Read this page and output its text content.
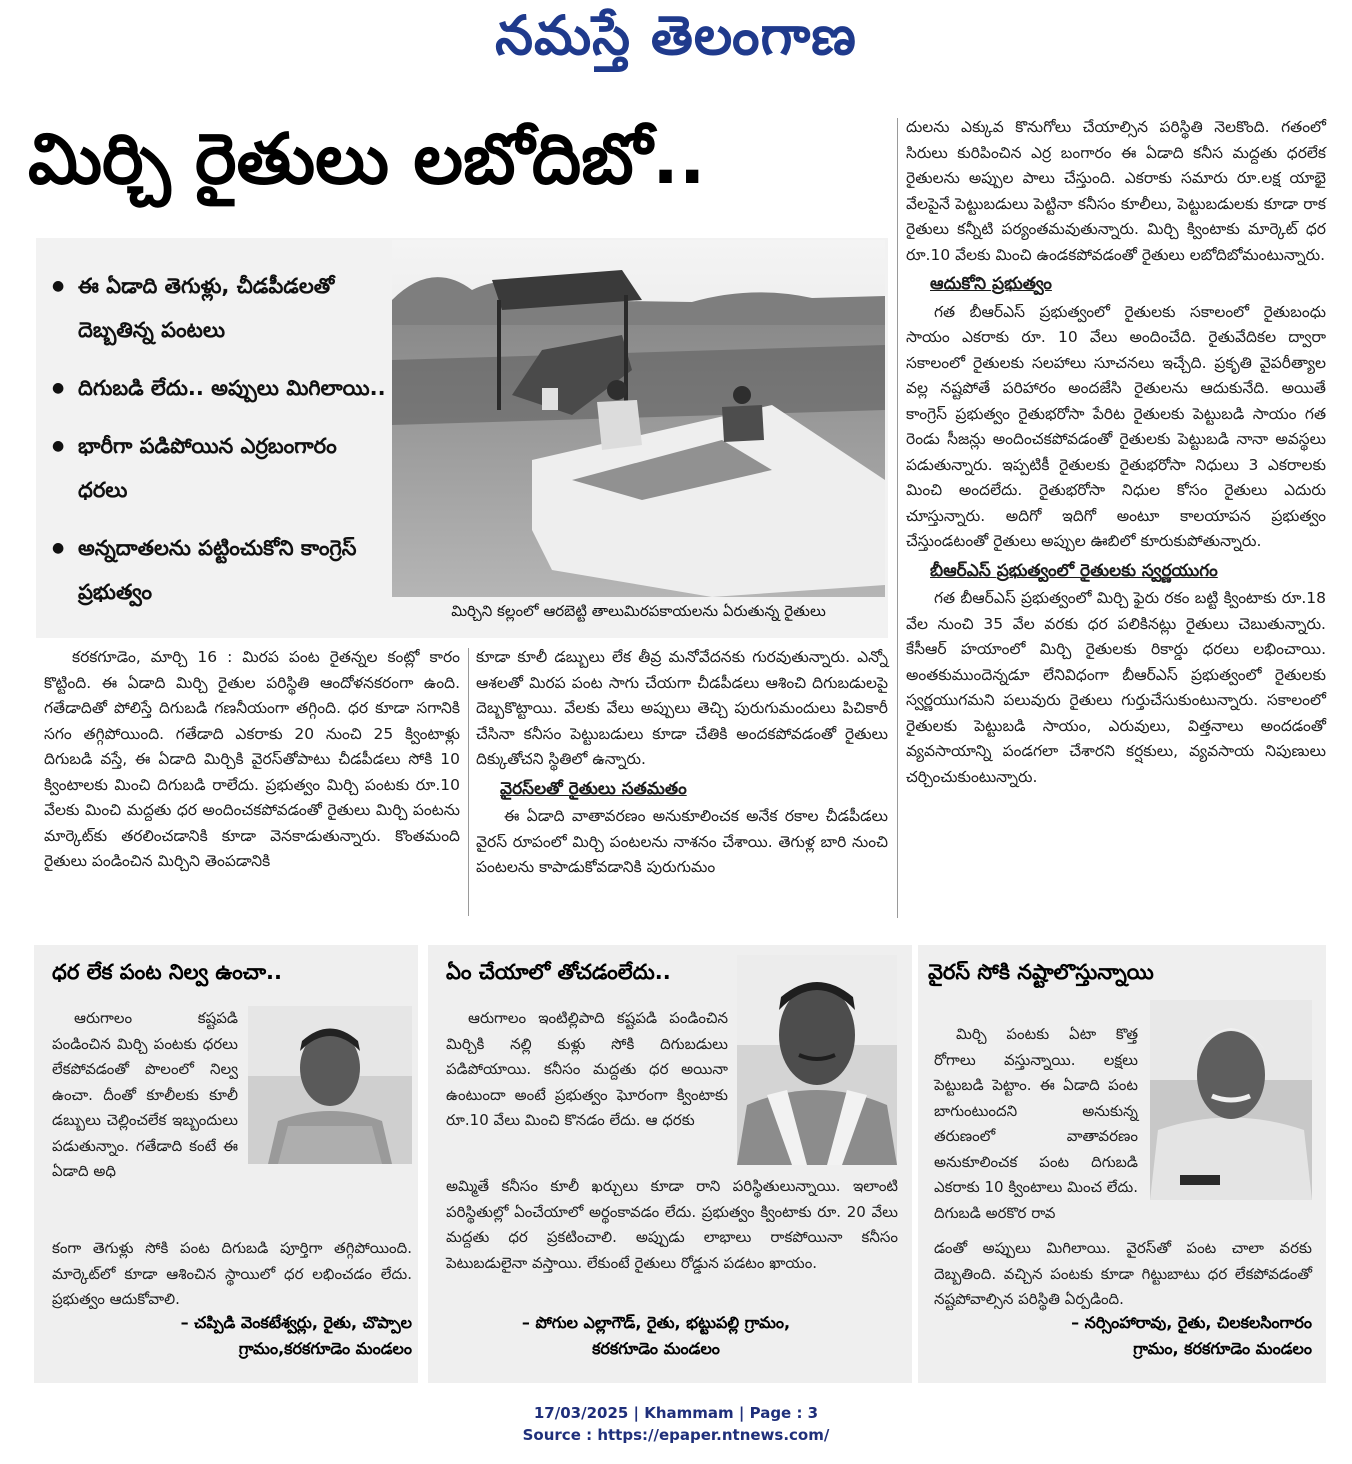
నమస్తే తెలంగాణ
మిర్చి రైతులు లబోదిబో..
● ఈ ఏడాది తెగుళ్లు, చీడపీడలతో దెబ్బతిన్న పంటలు
● దిగుబడి లేదు.. అప్పులు మిగిలాయి..
● భారీగా పడిపోయిన ఎర్రబంగారం ధరలు
● అన్నదాతలను పట్టించుకోని కాంగ్రెస్ ప్రభుత్వం
మిర్చిని కల్లంలో ఆరబెట్టి తాలుమిరపకాయలను ఏరుతున్న రైతులు

కరకగూడెం, మార్చి 16 : మిరప పంట రైతన్నల కంట్లో కారం కొట్టింది. ఈ ఏడాది మిర్చి రైతుల పరిస్థితి ఆందోళనకరంగా ఉంది. గతేడాదితో పోలిస్తే దిగుబడి గణనీయంగా తగ్గింది. ధర కూడా సగానికి సగం తగ్గిపోయింది. గతేడాది ఎకరాకు 20 నుంచి 25 క్వింటాళ్లు దిగుబడి వస్తే, ఈ ఏడాది మిర్చికి వైరస్‌తోపాటు చీడపీడలు సోకి 10 క్వింటాలకు మించి దిగుబడి రాలేదు. ప్రభుత్వం మిర్చి పంటకు రూ.10 వేలకు మించి మద్దతు ధర అందించకపోవడంతో రైతులు మిర్చి పంటను మార్కెట్‌కు తరలించడానికి కూడా వెనకాడుతున్నారు. కొంతమంది రైతులు పండించిన మిర్చిని తెంపడానికి

కూడా కూలీ డబ్బులు లేక తీవ్ర మనోవేదనకు గురవుతున్నారు. ఎన్నో ఆశలతో మిరప పంట సాగు చేయగా చీడపీడలు ఆశించి దిగుబడులపై దెబ్బకొట్టాయి. వేలకు వేలు అప్పులు తెచ్చి పురుగుమందులు పిచికారీ చేసినా కనీసం పెట్టుబడులు కూడా చేతికి అందకపోవడంతో రైతులు దిక్కుతోచని స్థితిలో ఉన్నారు.

వైరస్‌లతో రైతులు సతమతం

ఈ ఏడాది వాతావరణం అనుకూలించక అనేక రకాల చీడపీడలు వైరస్ రూపంలో మిర్చి పంటలను నాశనం చేశాయి. తెగుళ్ల బారి నుంచి పంటలను కాపాడుకోవడానికి పురుగుమం

దులను ఎక్కువ కొనుగోలు చేయాల్సిన పరిస్థితి నెలకొంది. గతంలో సిరులు కురిపించిన ఎర్ర బంగారం ఈ ఏడాది కనీస మద్దతు ధరలేక రైతులను అప్పుల పాలు చేస్తుంది. ఎకరాకు సమారు రూ.లక్ష యాభై వేలపైనే పెట్టుబడులు పెట్టినా కనీసం కూలీలు, పెట్టుబడులకు కూడా రాక రైతులు కన్నీటి పర్యంతమవుతున్నారు. మిర్చి క్వింటాకు మార్కెట్ ధర రూ.10 వేలకు మించి ఉండకపోవడంతో రైతులు లబోదిబోమంటున్నారు.

ఆదుకోని ప్రభుత్వం

గత బీఆర్ఎస్ ప్రభుత్వంలో రైతులకు సకాలంలో రైతుబంధు సాయం ఎకరాకు రూ. 10 వేలు అందించేది. రైతువేదికల ద్వారా సకాలంలో రైతులకు సలహాలు సూచనలు ఇచ్చేది. ప్రకృతి వైపరీత్యాల వల్ల నష్టపోతే పరిహారం అందజేసి రైతులను ఆదుకునేది. అయితే కాంగ్రెస్ ప్రభుత్వం రైతుభరోసా పేరిట రైతులకు పెట్టుబడి సాయం గత రెండు సీజన్లు అందించకపోవడంతో రైతులకు పెట్టుబడి నానా అవస్థలు పడుతున్నారు. ఇప్పటికీ రైతులకు రైతుభరోసా నిధులు 3 ఎకరాలకు మించి అందలేదు. రైతుభరోసా నిధుల కోసం రైతులు ఎదురు చూస్తున్నారు. అదిగో ఇదిగో అంటూ కాలయాపన ప్రభుత్వం చేస్తుండటంతో రైతులు అప్పుల ఊబిలో కూరుకుపోతున్నారు.

బీఆర్ఎస్ ప్రభుత్వంలో రైతులకు స్వర్ణయుగం

గత బీఆర్ఎస్ ప్రభుత్వంలో మిర్చి ఫైరు రకం బట్టి క్వింటాకు రూ.18 వేల నుంచి 35 వేల వరకు ధర పలికినట్లు రైతులు చెబుతున్నారు. కేసీఆర్ హయాంలో మిర్చి రైతులకు రికార్డు ధరలు లభించాయి. అంతకుముందెన్నడూ లేనివిధంగా బీఆర్ఎస్ ప్రభుత్వంలో రైతులకు స్వర్ణయుగమని పలువురు రైతులు గుర్తుచేసుకుంటున్నారు. సకాలంలో రైతులకు పెట్టుబడి సాయం, ఎరువులు, విత్తనాలు అందడంతో వ్యవసాయాన్ని పండగలా చేశారని కర్షకులు, వ్యవసాయ నిపుణులు చర్చించుకుంటున్నారు.

ధర లేక పంట నిల్వ ఉంచా..

ఆరుగాలం కష్టపడి పండించిన మిర్చి పంటకు ధరలు లేకపోవడంతో పొలంలో నిల్వ ఉంచా. దీంతో కూలీలకు కూలీ డబ్బులు చెల్లించలేక ఇబ్బందులు పడుతున్నాం. గతేడాది కంటే ఈ ఏడాది అధి

కంగా తెగుళ్లు సోకి పంట దిగుబడి పూర్తిగా తగ్గిపోయింది. మార్కెట్‌లో కూడా ఆశించిన స్థాయిలో ధర లభించడం లేదు. ప్రభుత్వం ఆదుకోవాలి.

– చప్పిడి వెంకటేశ్వర్లు, రైతు, చొప్పాల
గ్రామం,కరకగూడెం మండలం
ఏం చేయాలో తోచడంలేదు..

ఆరుగాలం ఇంటిల్లిపాది కష్టపడి పండించిన మిర్చికి నల్లి కుళ్లు సోకి దిగుబడులు పడిపోయాయి. కనీసం మద్దతు ధర అయినా ఉంటుందా అంటే ప్రభుత్వం ఘోరంగా క్వింటాకు రూ.10 వేలు మించి కొనడం లేదు. ఆ ధరకు

అమ్మితే కనీసం కూలీ ఖర్చులు కూడా రాని పరిస్థితులున్నాయి. ఇలాంటి పరిస్థితుల్లో ఏంచేయాలో అర్థంకావడం లేదు. ప్రభుత్వం క్వింటాకు రూ. 20 వేలు మద్దతు ధర ప్రకటించాలి. అప్పుడు లాభాలు రాకపోయినా కనీసం పెటుబడులైనా వస్తాయి. లేకుంటే రైతులు రోడ్డున పడటం ఖాయం.

– పోగుల ఎల్లాగౌడ్, రైతు, భట్టుపల్లి గ్రామం,
కరకగూడెం మండలం
వైరస్ సోకి నష్టాలొస్తున్నాయి

మిర్చి పంటకు ఏటా కొత్త రోగాలు వస్తున్నాయి. లక్షలు పెట్టుబడి పెట్టాం. ఈ ఏడాది పంట బాగుంటుందని అనుకున్న తరుణంలో వాతావరణం అనుకూలించక పంట దిగుబడి ఎకరాకు 10 క్వింటాలు మించ లేదు. దిగుబడి అరకొర రావ

డంతో అప్పులు మిగిలాయి. వైరస్‌తో పంట చాలా వరకు దెబ్బతింది. వచ్చిన పంటకు కూడా గిట్టుబాటు ధర లేకపోవడంతో నష్టపోవాల్సిన పరిస్థితి ఏర్పడింది.

– నర్సింహారావు, రైతు, చిలకలసింగారం
గ్రామం, కరకగూడెం మండలం
17/03/2025 | Khammam | Page : 3
Source : https://epaper.ntnews.com/
